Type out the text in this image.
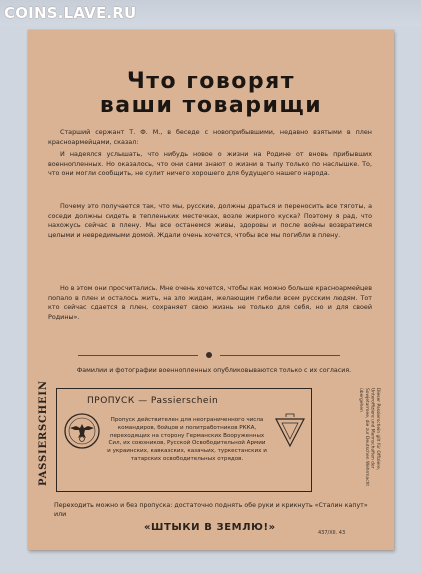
COINS.LAVE.RU
Что говорят
ваши товарищи

Старший сержант Т. Ф. М., в беседе с новоприбывшими, недавно взятыми в плен красноармейцами, сказал:

И надеялся услышать, что нибудь новое о жизни на Родине от вновь прибывших военнопленных. Но оказалось, что они сами знают о жизни в тылу только по наслышке. То, что они могли сообщить, не сулит ничего хорошего для будущего нашего народа.

Почему это получается так, что мы, русские, должны драться и переносить все тяготы, а соседи должны сидеть в тепленьких местечках, возле жирного куска? Поэтому я рад, что нахожусь сейчас в плену. Мы все останемся живы, здоровы и после войны возвратимся целыми и невредимыми домой. Ждали очень хочется, чтобы все мы погибли в плену.

Но в этом они просчитались. Мне очень хочется, чтобы как можно больше красноармейцев попало в плен и осталось жить, на зло жидам, желающим гибели всем русским людям. Тот кто сейчас сдается в плен, сохраняет свою жизнь не только для себя, но и для своей Родины».

Фамилии и фотографии военнопленных опубликовываются только с их согласия.
PASSIERSCHEIN	ПРОПУСК — Passierschein
Пропуск действителен для неограниченного числа командиров, бойцов и политработников РККА, переходящих на сторону Германских Вооруженных Сил, их союзников, Русской Освободительной Армии и украинских, кавказских, казачьих, туркестанских и татарских освободительных отрядов.	Dieser Passierschein gilt für Offiziere, Unteroffiziere und Mannschaften der Sowjetarmee, die zur Deutschen Wehrmacht übergehen
Переходить можно и без пропуска: достаточно поднять обе руки и крикнуть «Сталин капут» или
«ШТЫКИ В ЗЕМЛЮ!»	437/XII. 43
